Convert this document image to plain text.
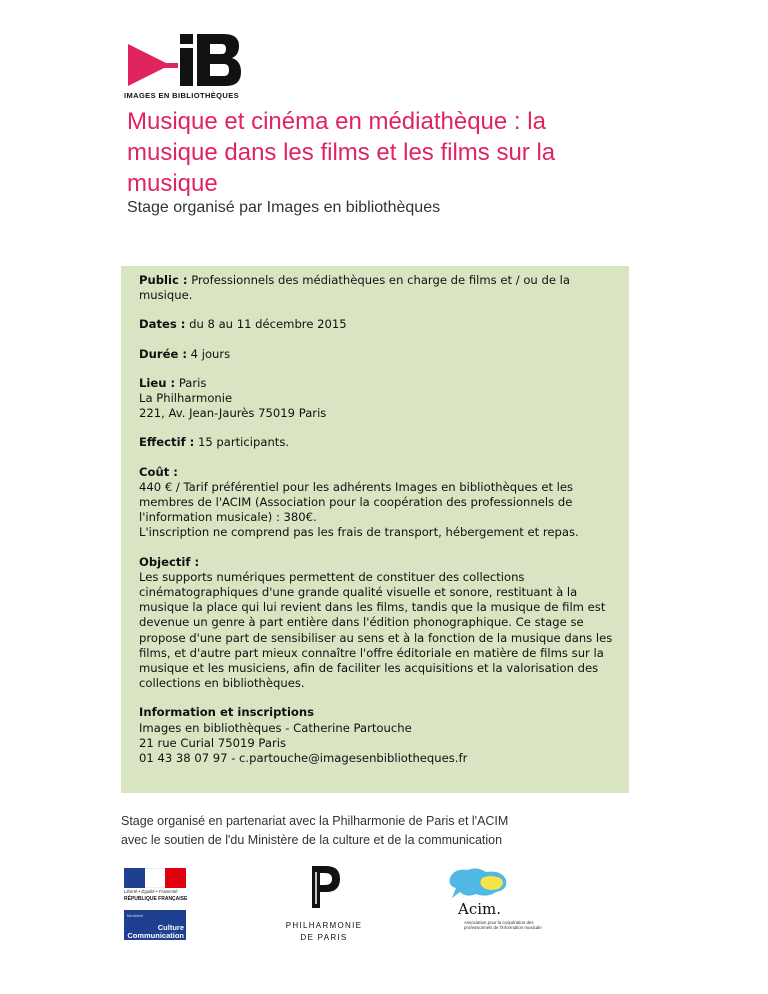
IMAGES EN BIBLIOTHÈQUES
Musique et cinéma en médiathèque : la musique dans les films et les films sur la musique
Stage organisé par Images en bibliothèques

Public : Professionnels des médiathèques en charge de films et / ou de la musique.

Dates : du 8 au 11 décembre 2015

Durée : 4 jours

Lieu : Paris
La Philharmonie
221, Av. Jean-Jaurès 75019 Paris

Effectif : 15 participants.

Coût :
440 € / Tarif préférentiel pour les adhérents Images en bibliothèques et les membres de l'ACIM (Association pour la coopération des professionnels de l'information musicale) : 380€.
L'inscription ne comprend pas les frais de transport, hébergement et repas.

Objectif :
Les supports numériques permettent de constituer des collections cinématographiques d'une grande qualité visuelle et sonore, restituant à la musique la place qui lui revient dans les films, tandis que la musique de film est devenue un genre à part entière dans l'édition phonographique. Ce stage se propose d'une part de sensibiliser au sens et à la fonction de la musique dans les films, et d'autre part mieux connaître l'offre éditoriale en matière de films sur la musique et les musiciens, afin de faciliter les acquisitions et la valorisation des collections en bibliothèques.

Information et inscriptions
Images en bibliothèques - Catherine Partouche
21 rue Curial 75019 Paris
01 43 38 07 97 - c.partouche@imagesenbibliotheques.fr

Stage organisé en partenariat avec la Philharmonie de Paris et l'ACIM
avec le soutien de l'du Ministère de la culture et de la communication
Liberté • Égalité • Fraternité
RÉPUBLIQUE FRANÇAISE
Ministère
Culture
Communication
PHILHARMONIE
DE PARIS
Acim.
Association pour la coopération des professionnels de l'information musicale
